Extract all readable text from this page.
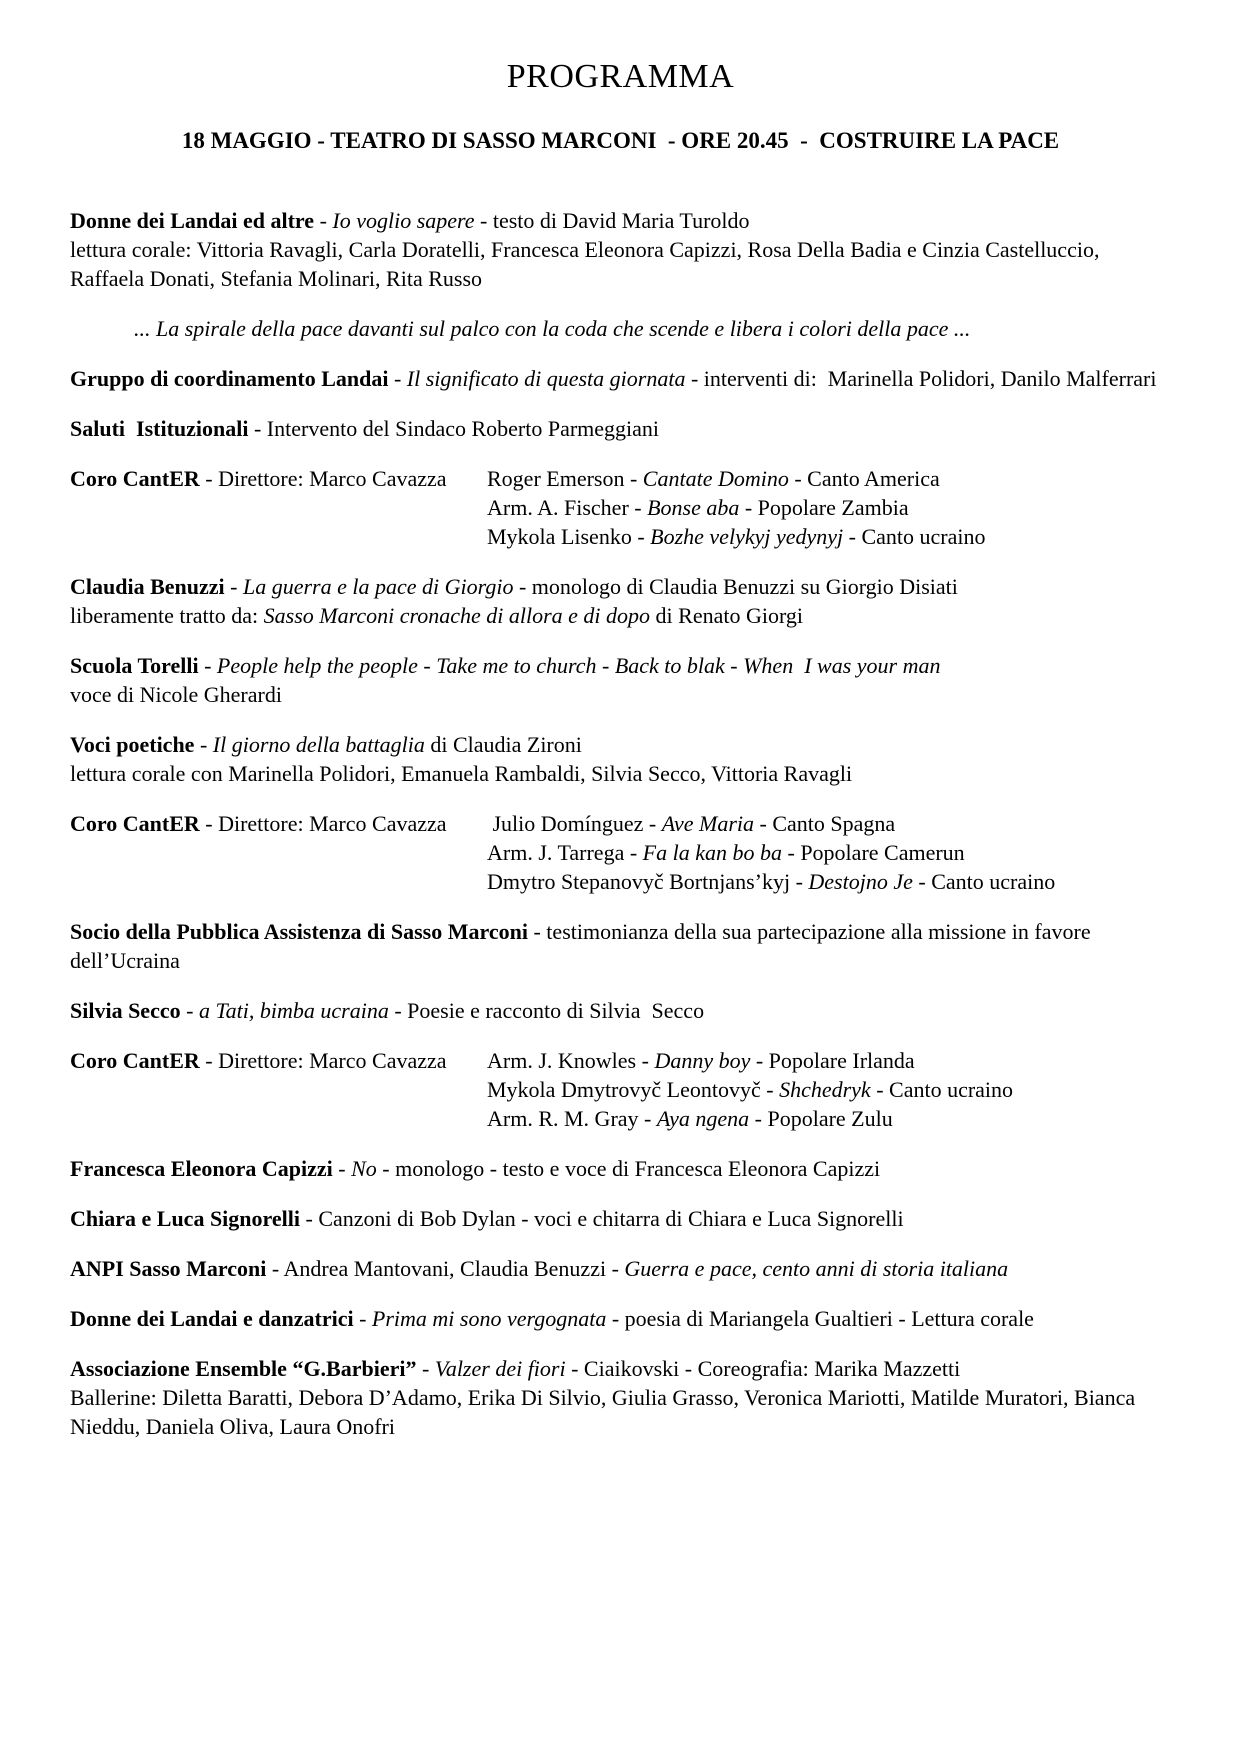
PROGRAMMA
18 MAGGIO - TEATRO DI SASSO MARCONI  - ORE 20.45  -  COSTRUIRE LA PACE
Donne dei Landai ed altre - Io voglio sapere - testo di David Maria Turoldo
lettura corale: Vittoria Ravagli, Carla Doratelli, Francesca Eleonora Capizzi, Rosa Della Badia e Cinzia Castelluccio, Raffaela Donati, Stefania Molinari, Rita Russo
... La spirale della pace davanti sul palco con la coda che scende e libera i colori della pace ...
Gruppo di coordinamento Landai - Il significato di questa giornata - interventi di:  Marinella Polidori, Danilo Malferrari
Saluti  Istituzionali - Intervento del Sindaco Roberto Parmeggiani
Coro CantER - Direttore: Marco Cavazza	Roger Emerson - Cantate Domino - Canto America
Arm. A. Fischer - Bonse aba - Popolare Zambia
Mykola Lisenko - Bozhe velykyj yedynyj - Canto ucraino
Claudia Benuzzi - La guerra e la pace di Giorgio - monologo di Claudia Benuzzi su Giorgio Disiati
liberamente tratto da: Sasso Marconi cronache di allora e di dopo di Renato Giorgi
Scuola Torelli - People help the people - Take me to church - Back to blak - When  I was your man
voce di Nicole Gherardi
Voci poetiche - Il giorno della battaglia di Claudia Zironi
lettura corale con Marinella Polidori, Emanuela Rambaldi, Silvia Secco, Vittoria Ravagli
Coro CantER - Direttore: Marco Cavazza	Julio Domínguez - Ave Maria - Canto Spagna
Arm. J. Tarrega - Fa la kan bo ba - Popolare Camerun
Dmytro Stepanovyč Bortnjans’kyj - Destojno Je - Canto ucraino
Socio della Pubblica Assistenza di Sasso Marconi - testimonianza della sua partecipazione alla missione in favore dell’Ucraina
Silvia Secco - a Tati, bimba ucraina - Poesie e racconto di Silvia  Secco
Coro CantER - Direttore: Marco Cavazza	Arm. J. Knowles - Danny boy - Popolare Irlanda
Mykola Dmytrovyč Leontovyč - Shchedryk - Canto ucraino
Arm. R. M. Gray - Aya ngena - Popolare Zulu
Francesca Eleonora Capizzi - No - monologo - testo e voce di Francesca Eleonora Capizzi
Chiara e Luca Signorelli - Canzoni di Bob Dylan - voci e chitarra di Chiara e Luca Signorelli
ANPI Sasso Marconi - Andrea Mantovani, Claudia Benuzzi - Guerra e pace, cento anni di storia italiana
Donne dei Landai e danzatrici - Prima mi sono vergognata - poesia di Mariangela Gualtieri - Lettura corale
Associazione Ensemble “G.Barbieri” - Valzer dei fiori - Ciaikovski - Coreografia: Marika Mazzetti
Ballerine: Diletta Baratti, Debora D’Adamo, Erika Di Silvio, Giulia Grasso, Veronica Mariotti, Matilde Muratori, Bianca Nieddu, Daniela Oliva, Laura Onofri
